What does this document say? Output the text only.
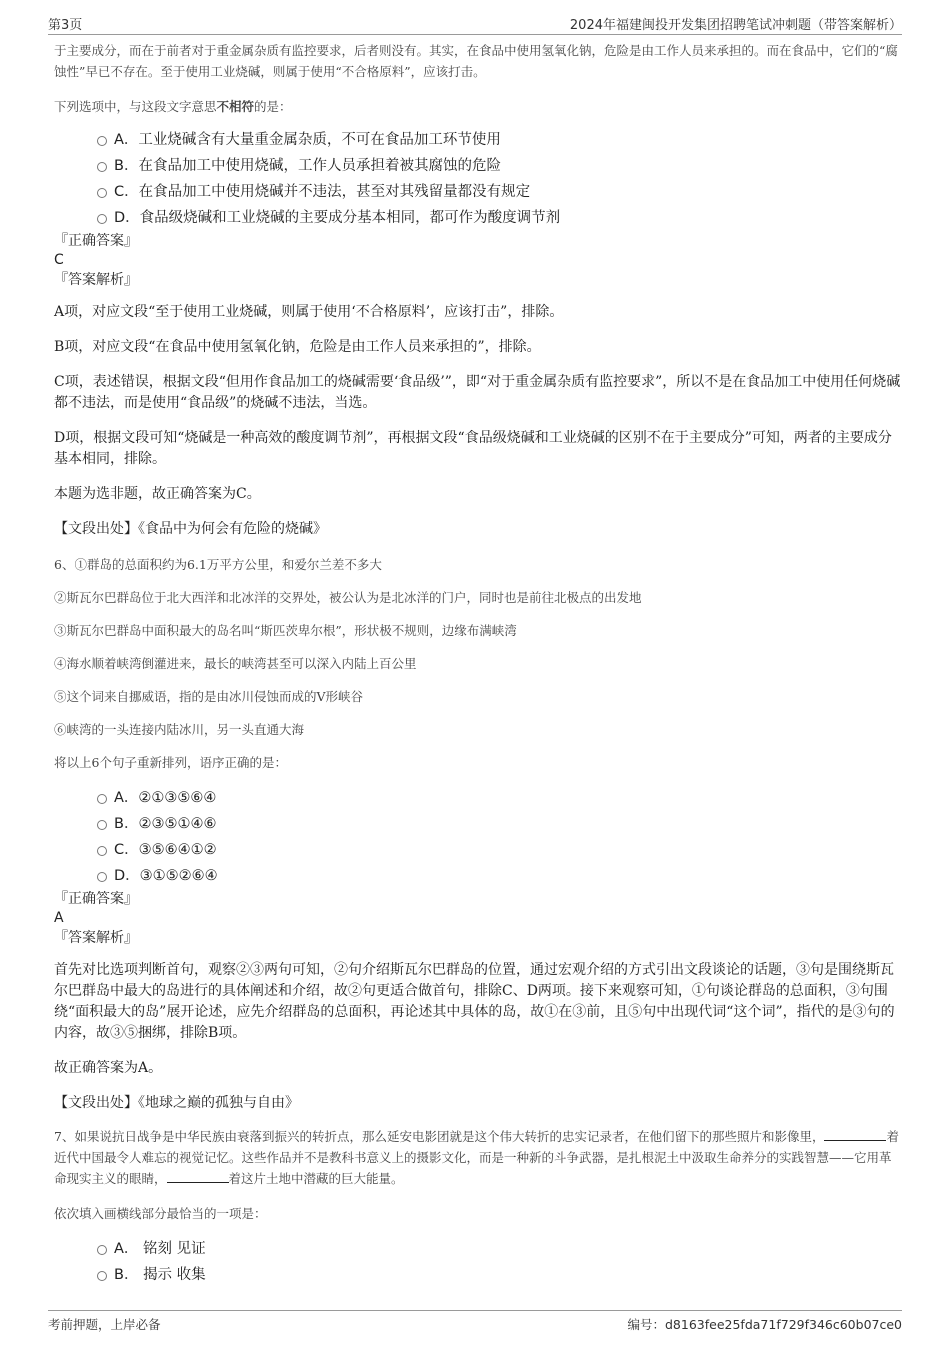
第3页	2024年福建闽投开发集团招聘笔试冲刺题（带答案解析）

于主要成分，而在于前者对于重金属杂质有监控要求，后者则没有。其实，在食品中使用氢氧化钠，危险是由工作人员来承担的。而在食品中，它们的“腐蚀性”早已不存在。至于使用工业烧碱，则属于使用“不合格原料”，应该打击。

下列选项中，与这段文字意思不相符的是：

A．工业烧碱含有大量重金属杂质，不可在食品加工环节使用
B．在食品加工中使用烧碱，工作人员承担着被其腐蚀的危险
C．在食品加工中使用烧碱并不违法，甚至对其残留量都没有规定
D．食品级烧碱和工业烧碱的主要成分基本相同，都可作为酸度调节剂
『正确答案』
C
『答案解析』

A项，对应文段“至于使用工业烧碱，则属于使用‘不合格原料’，应该打击”，排除。

B项，对应文段“在食品中使用氢氧化钠，危险是由工作人员来承担的”，排除。

C项，表述错误，根据文段“但用作食品加工的烧碱需要‘食品级’”，即“对于重金属杂质有监控要求”，所以不是在食品加工中使用任何烧碱都不违法，而是使用“食品级”的烧碱不违法，当选。

D项，根据文段可知“烧碱是一种高效的酸度调节剂”，再根据文段“食品级烧碱和工业烧碱的区别不在于主要成分”可知，两者的主要成分基本相同，排除。

本题为选非题，故正确答案为C。

【文段出处】《食品中为何会有危险的烧碱》

6、①群岛的总面积约为6.1万平方公里，和爱尔兰差不多大

②斯瓦尔巴群岛位于北大西洋和北冰洋的交界处，被公认为是北冰洋的门户，同时也是前往北极点的出发地

③斯瓦尔巴群岛中面积最大的岛名叫“斯匹茨卑尔根”，形状极不规则，边缘布满峡湾

④海水顺着峡湾倒灌进来，最长的峡湾甚至可以深入内陆上百公里

⑤这个词来自挪威语，指的是由冰川侵蚀而成的V形峡谷

⑥峡湾的一头连接内陆冰川，另一头直通大海

将以上6个句子重新排列，语序正确的是：

A．②①③⑤⑥④
B．②③⑤①④⑥
C．③⑤⑥④①②
D．③①⑤②⑥④
『正确答案』
A
『答案解析』

首先对比选项判断首句，观察②③两句可知，②句介绍斯瓦尔巴群岛的位置，通过宏观介绍的方式引出文段谈论的话题，③句是围绕斯瓦尔巴群岛中最大的岛进行的具体阐述和介绍，故②句更适合做首句，排除C、D两项。接下来观察可知，①句谈论群岛的总面积，③句围绕“面积最大的岛”展开论述，应先介绍群岛的总面积，再论述其中具体的岛，故①在③前，且⑤句中出现代词“这个词”，指代的是③句的内容，故③⑤捆绑，排除B项。

故正确答案为A。

【文段出处】《地球之巅的孤独与自由》

7、如果说抗日战争是中华民族由衰落到振兴的转折点，那么延安电影团就是这个伟大转折的忠实记录者，在他们留下的那些照片和影像里，	着近代中国最令人难忘的视觉记忆。这些作品并不是教科书意义上的摄影文化，而是一种新的斗争武器，是扎根泥土中汲取生命养分的实践智慧——它用革命现实主义的眼睛，	着这片土地中潜藏的巨大能量。

依次填入画横线部分最恰当的一项是：

A． 铭刻 见证
B． 揭示 收集
考前押题，上岸必备	编号：d8163fee25fda71f729f346c60b07ce0
